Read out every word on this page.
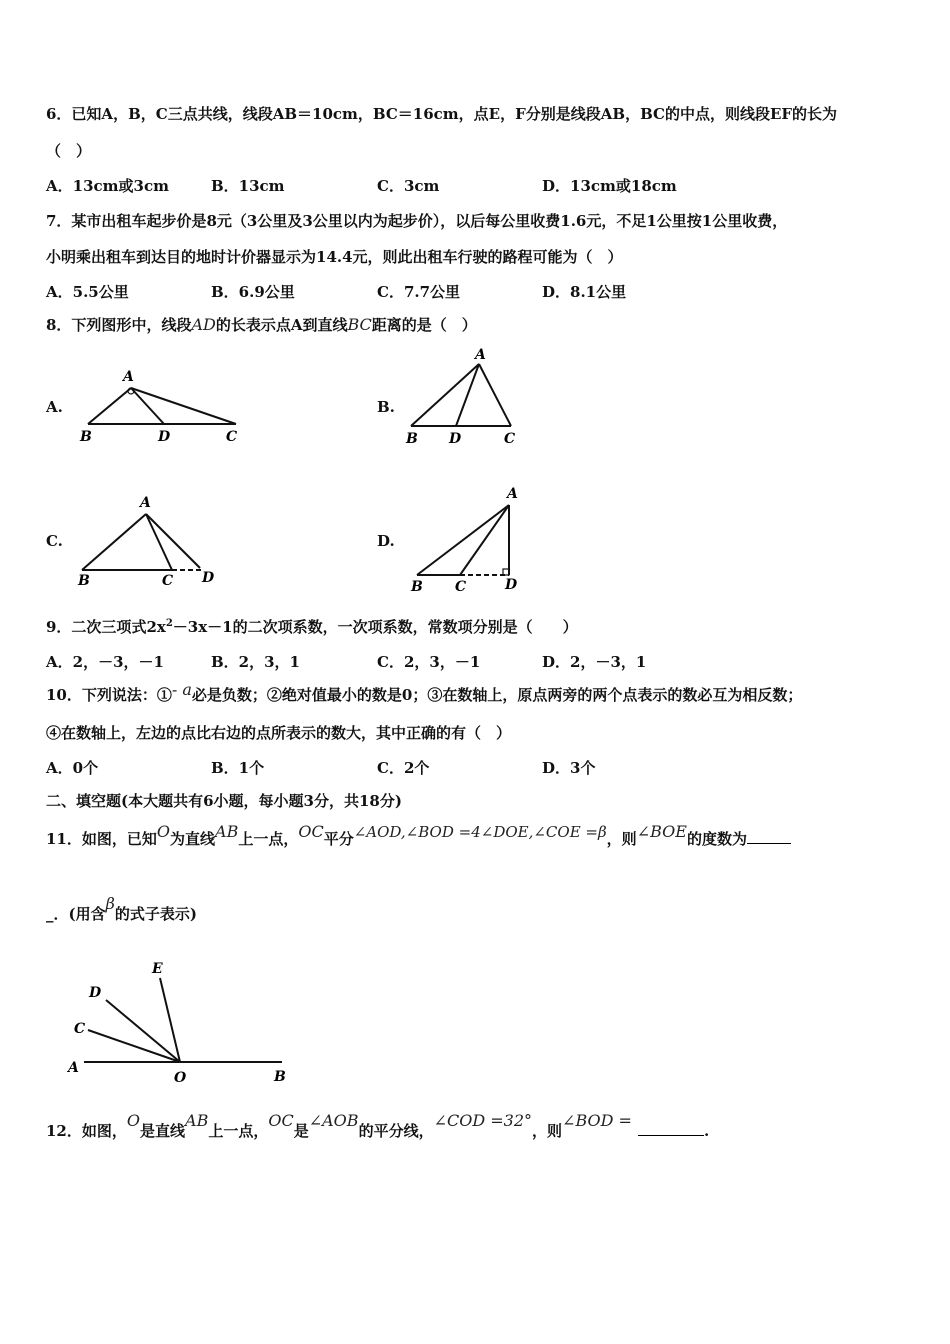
6．已知A，B，C三点共线，线段AB＝10cm，BC＝16cm，点E，F分别是线段AB，BC的中点，则线段EF的长为
（　）
A．13cm或3cm	B．13cm	C．3cm	D．13cm或18cm
7．某市出租车起步价是8元（3公里及3公里以内为起步价），以后每公里收费1.6元，不足1公里按1公里收费，
小明乘出租车到达目的地时计价器显示为14.4元，则此出租车行驶的路程可能为（　）
A．5.5公里	B．6.9公里	C．7.7公里	D．8.1公里
8．下列图形中，线段AD的长表示点A到直线BC距离的是（　）
A.
A
B	D	C
B.
A
B D	C
C.
A
B	C D
D.
A
B C	D
9．二次三项式$2x^2-3x-1$的二次项系数，一次项系数，常数项分别是（　　）
A．2，－3，－1	B．2，3，1	C．2，3，－1	D．2，－3，1
10．下列说法：①- a必是负数；②绝对值最小的数是0；③在数轴上，原点两旁的两个点表示的数必互为相反数；
④在数轴上，左边的点比右边的点所表示的数大，其中正确的有（　）
A．0个	B．1个	C．2个	D．3个
二、填空题(本大题共有6小题，每小题3分，共18分)
11．如图，已知O为直线AB上一点，OC平分∠AOD,∠BOD =4∠DOE,∠COE =β，则∠BOE的度数为
_．(用含β的式子表示)
E
D
C
A
O	B
12．如图，O是直线AB上一点，OC是∠AOB的平分线，∠COD =32°，则∠BOD =.
